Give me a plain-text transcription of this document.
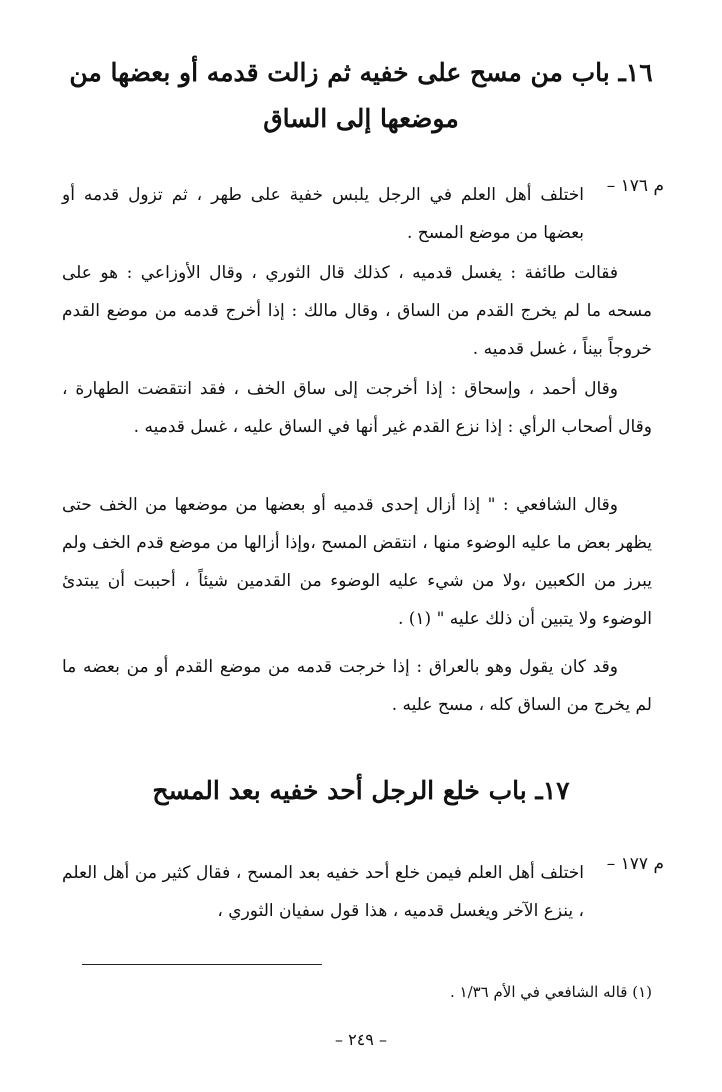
١٦ـ باب من مسح على خفيه ثم زالت قدمه أو بعضها من
موضعها إلى الساق
م ١٧٦ –

اختلف أهل العلم في الرجل يلبس خفية على طهر ، ثم تزول قدمه أو بعضها من موضع المسح .

فقالت طائفة : يغسل قدميه ، كذلك قال الثوري ، وقال الأوزاعي : هو على مسحه ما لم يخرج القدم من الساق ، وقال مالك : إذا أخرج قدمه من موضع القدم خروجاً بيناً ، غسل قدميه .

وقال أحمد ، وإسحاق : إذا أخرجت إلى ساق الخف ، فقد انتقضت الطهارة ، وقال أصحاب الرأي : إذا نزع القدم غير أنها في الساق عليه ، غسل قدميه .

وقال الشافعي : " إذا أزال إحدى قدميه أو بعضها من موضعها من الخف حتى يظهر بعض ما عليه الوضوء منها ، انتقض المسح ،وإذا أزالها من موضع قدم الخف ولم يبرز من الكعبين ،ولا من شيء عليه الوضوء من القدمين شيئاً ، أحببت أن يبتدئ الوضوء ولا يتبين أن ذلك عليه " (١) .

وقد كان يقول وهو بالعراق : إذا خرجت قدمه من موضع القدم أو من بعضه ما لم يخرج من الساق كله ، مسح عليه .

١٧ـ باب خلع الرجل أحد خفيه بعد المسح
م ١٧٧ –

اختلف أهل العلم فيمن خلع أحد خفيه بعد المسح ، فقال كثير من أهل العلم ، ينزع الآخر ويغسل قدميه ، هذا قول سفيان الثوري ،

(١) قاله الشافعي في الأم ١/٣٦ .
– ٢٤٩ –
